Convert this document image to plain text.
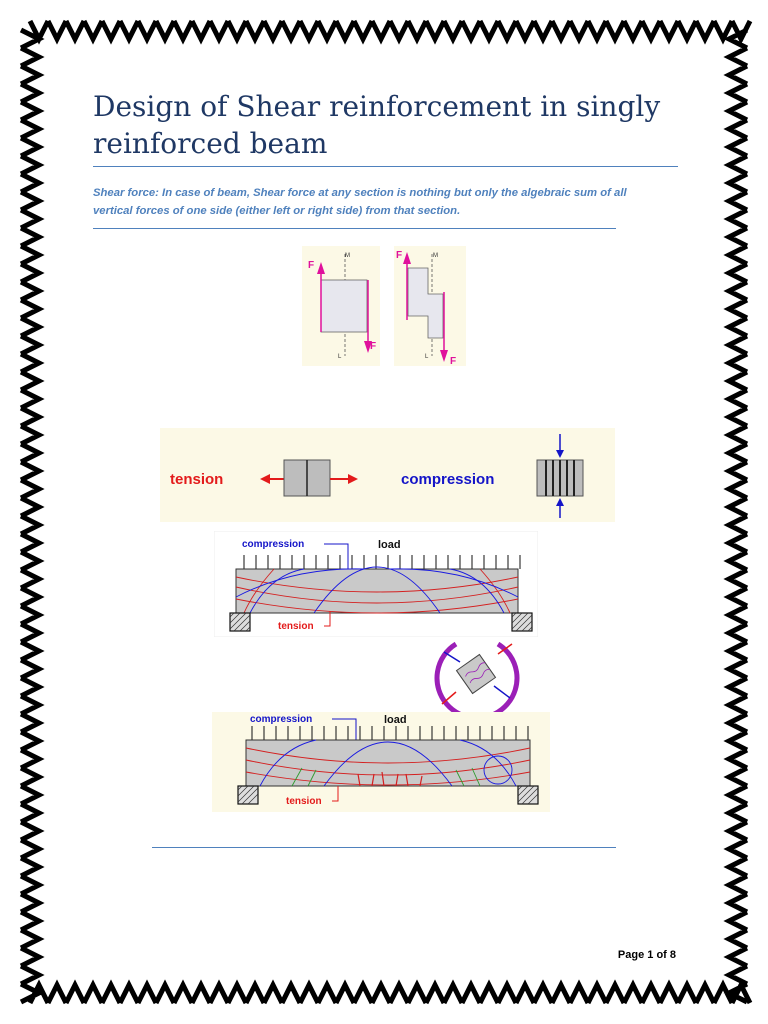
Design of Shear reinforcement in singly reinforced beam

Shear force: In case of beam, Shear force at any section is nothing but only the algebraic sum of all vertical forces of one side (either left or right side) from that section.

F
F
M
L
F
F
M
L
tension	compression
compression	load
tension
compression	load
tension
Page 1 of 8
